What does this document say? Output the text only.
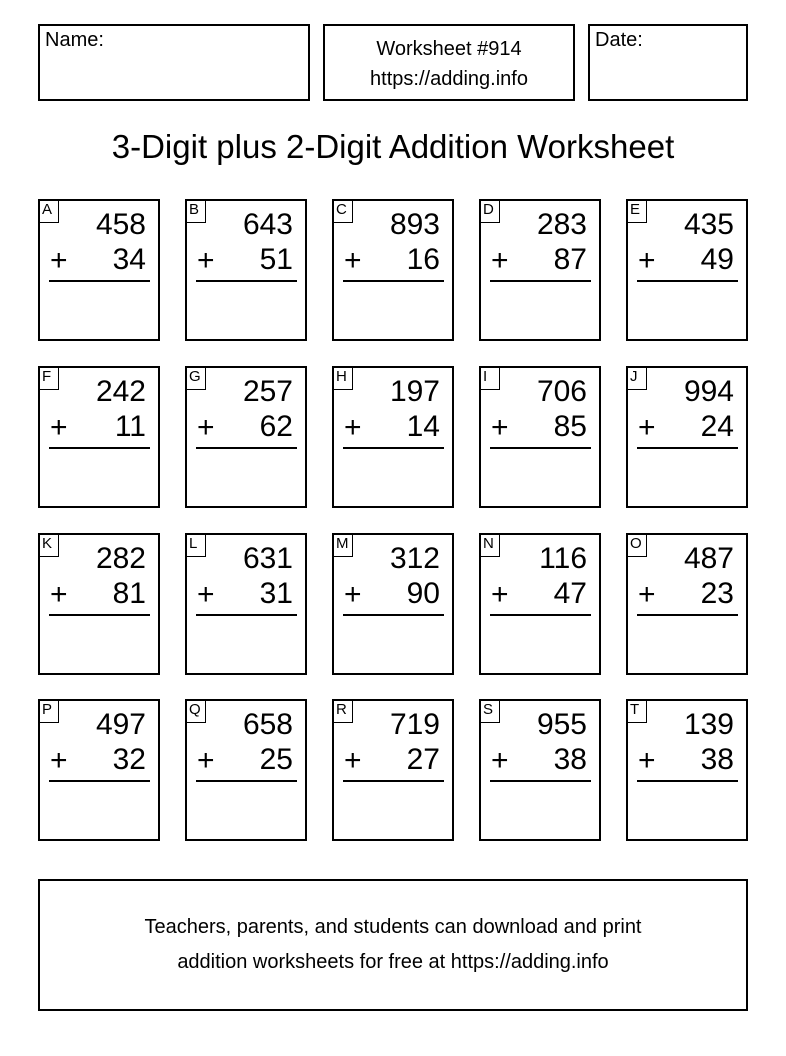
Name:	Worksheet #914
https://adding.info
Date:
3-Digit plus 2-Digit Addition Worksheet
A 458
+ 34
B 643
+ 51
C 893
+ 16
D 283
+ 87
E 435
+ 49
F 242
+ 11
G 257
+ 62
H 197
+ 14
I	706
+ 85
J	994
+ 24
K 282
+ 81
L 631
+ 31
M 312
+ 90
N 116
+ 47
O 487
+ 23
P 497
+ 32
Q 658
+ 25
R 719
+ 27
S 955
+ 38
T 139
+ 38
Teachers, parents, and students can download and print
addition worksheets for free at https://adding.info
